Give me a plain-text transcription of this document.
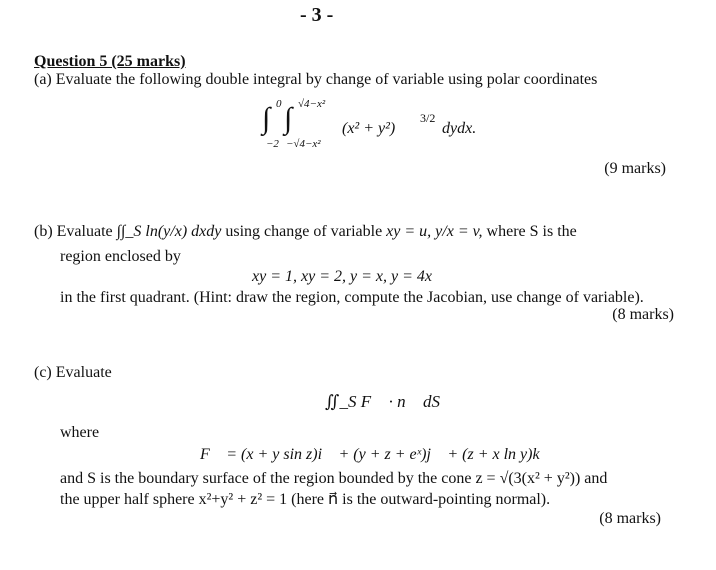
- 3 -
Question 5 (25 marks)
(a) Evaluate the following double integral by change of variable using polar coordinates
∫ 0
−2
∫ √4−x²
−√4−x²
(x² + y²)
3/2
dydx.
(9 marks)
(b) Evaluate ∫∫_S ln(y/x) dxdy using change of variable xy = u, y/x = v, where S is the
region enclosed by
xy = 1, xy = 2, y = x, y = 4x
in the first quadrant. (Hint: draw the region, compute the Jacobian, use change of variable).
(8 marks)
(c) Evaluate
∬_S F⃗ · n⃗ dS
where
F⃗ = (x + y sin z)i⃗ + (y + z + eˣ)j⃗ + (z + x ln y)k⃗
and S is the boundary surface of the region bounded by the cone z = √(3(x² + y²)) and
the upper half sphere x²+y² + z² = 1 (here n⃗ is the outward-pointing normal).
(8 marks)
